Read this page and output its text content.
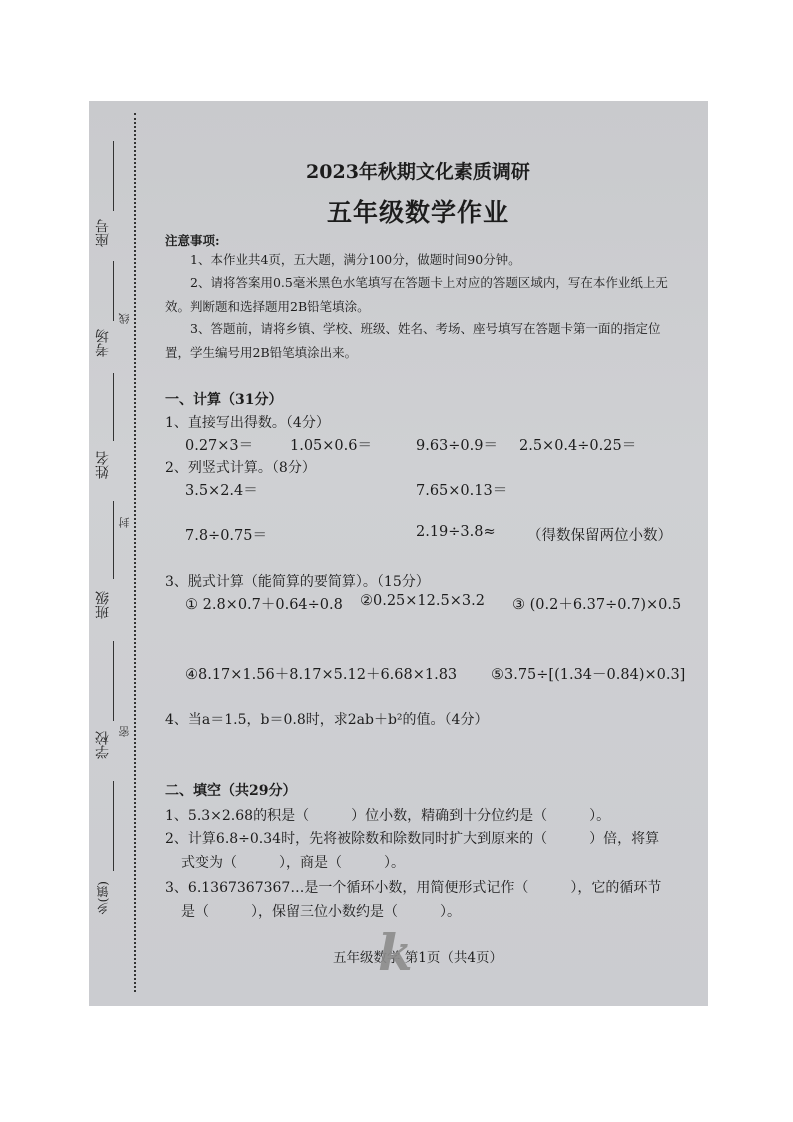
座号
考场
姓名
班级
学校
乡(镇)
线
封
密
2023年秋期文化素质调研
五年级数学作业
注意事项:
1、本作业共4页，五大题，满分100分，做题时间90分钟。
2、请将答案用0.5毫米黑色水笔填写在答题卡上对应的答题区域内，写在本作业纸上无效。判断题和选择题用2B铅笔填涂。
3、答题前，请将乡镇、学校、班级、姓名、考场、座号填写在答题卡第一面的指定位置，学生编号用2B铅笔填涂出来。
一、计算（31分）
1、直接写出得数。（4分）
0.27×3＝	1.05×0.6＝	9.63÷0.9＝ 2.5×0.4÷0.25＝
2、列竖式计算。（8分）
3.5×2.4＝	7.65×0.13＝
7.8÷0.75＝	2.19÷3.8≈ （得数保留两位小数）
3、脱式计算（能简算的要简算）。（15分）
① 2.8×0.7＋0.64÷0.8 ②0.25×12.5×3.2 ③ (0.2＋6.37÷0.7)×0.5
④8.17×1.56＋8.17×5.12＋6.68×1.83 ⑤3.75÷[(1.34－0.84)×0.3]
4、当a＝1.5，b＝0.8时，求2ab＋b²的值。（4分）
二、填空（共29分）
1、5.3×2.68的积是（　　　）位小数，精确到十分位约是（　　　）。
2、计算6.8÷0.34时，先将被除数和除数同时扩大到原来的（　　　）倍，将算
式变为（　　　），商是（　　　）。
3、6.1367367367…是一个循环小数，用简便形式记作（　　　），它的循环节
是（　　　），保留三位小数约是（　　　）。
五年级数学 第1页（共4页）
k
